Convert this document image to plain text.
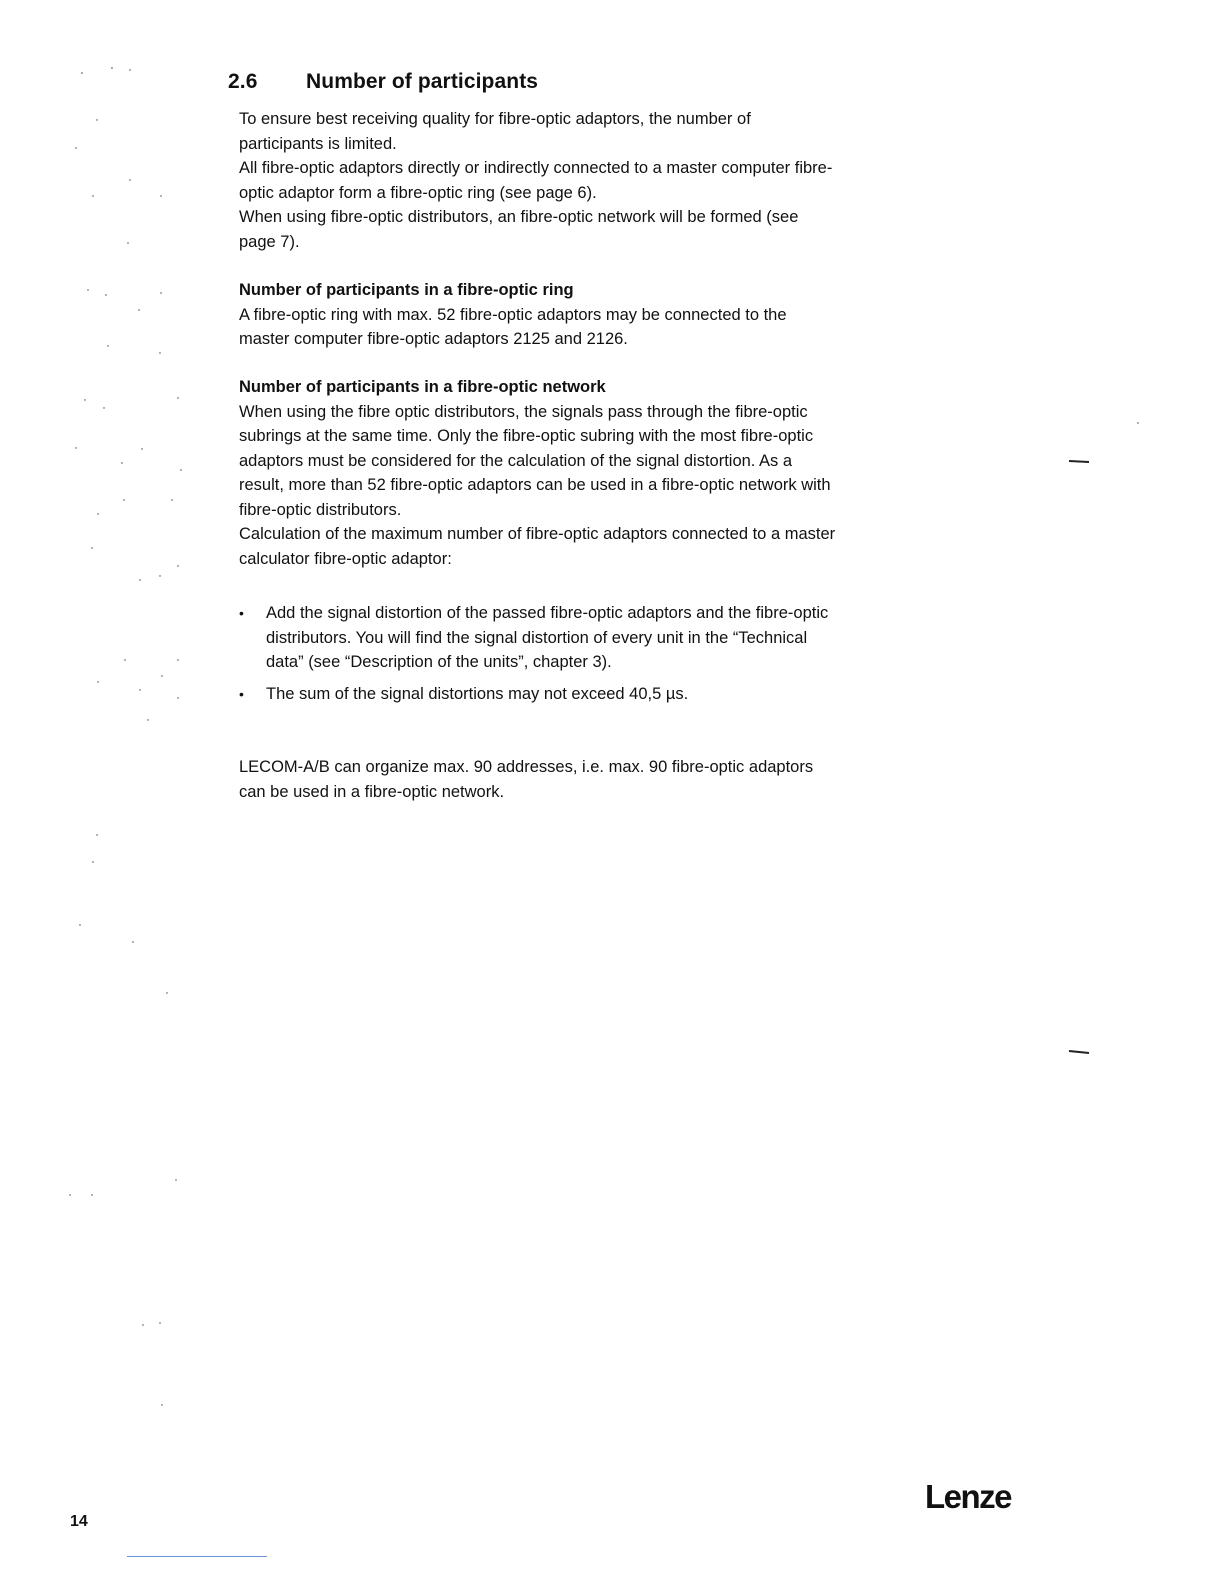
2.6 Number of participants

To ensure best receiving quality for fibre-optic adaptors, the number of participants is limited.

All fibre-optic adaptors directly or indirectly connected to a master computer fibre-optic adaptor form a fibre-optic ring (see page 6).

When using fibre-optic distributors, an fibre-optic network will be formed (see page 7).

Number of participants in a fibre-optic ring

A fibre-optic ring with max. 52 fibre-optic adaptors may be connected to the master computer fibre-optic adaptors 2125 and 2126.

Number of participants in a fibre-optic network

When using the fibre optic distributors, the signals pass through the fibre-optic subrings at the same time. Only the fibre-optic subring with the most fibre-optic adaptors must be considered for the calculation of the signal distortion. As a result, more than 52 fibre-optic adaptors can be used in a fibre-optic network with fibre-optic distributors.

Calculation of the maximum number of fibre-optic adaptors connected to a master calculator fibre-optic adaptor:

• Add the signal distortion of the passed fibre-optic adaptors and the fibre-optic distributors. You will find the signal distortion of every unit in the “Technical data” (see “Description of the units”, chapter 3).
• The sum of the signal distortions may not exceed 40,5 µs.

LECOM-A/B can organize max. 90 addresses, i.e. max. 90 fibre-optic adaptors can be used in a fibre-optic network.

14
Lenze
